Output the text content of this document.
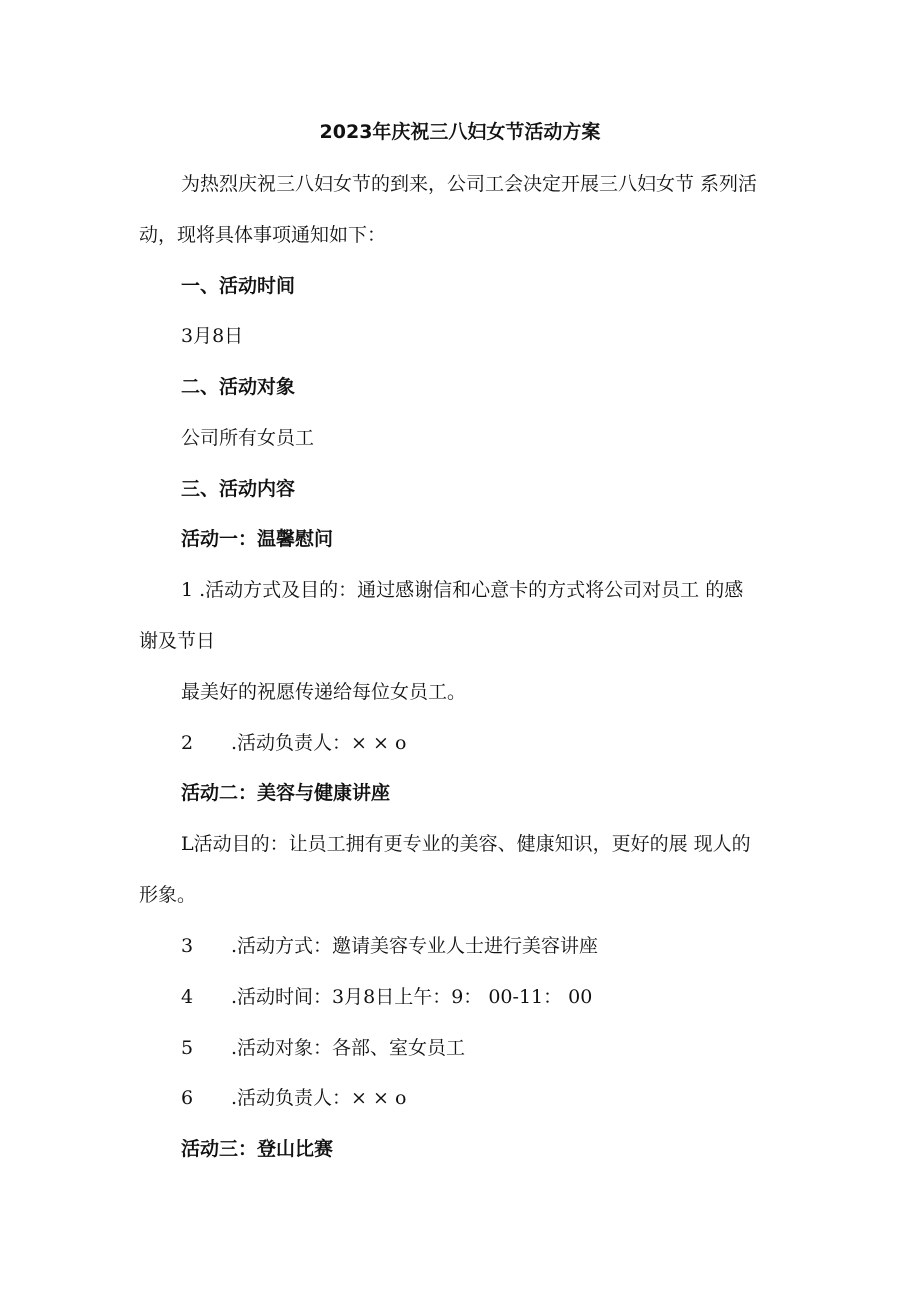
2023年庆祝三八妇女节活动方案
为热烈庆祝三八妇女节的到来，公司工会决定开展三八妇女节 系列活
动，现将具体事项通知如下：
一、活动时间
3月8日
二、活动对象
公司所有女员工
三、活动内容
活动一：温馨慰问
1 .活动方式及目的：通过感谢信和心意卡的方式将公司对员工 的感
谢及节日
最美好的祝愿传递给每位女员工。
2 .活动负责人：× × o
活动二：美容与健康讲座
L活动目的：让员工拥有更专业的美容、健康知识，更好的展 现人的
形象。
3 .活动方式：邀请美容专业人士进行美容讲座
4 .活动时间：3月8日上午：9： 00-11： 00
5 .活动对象：各部、室女员工
6 .活动负责人：× × o
活动三：登山比赛
